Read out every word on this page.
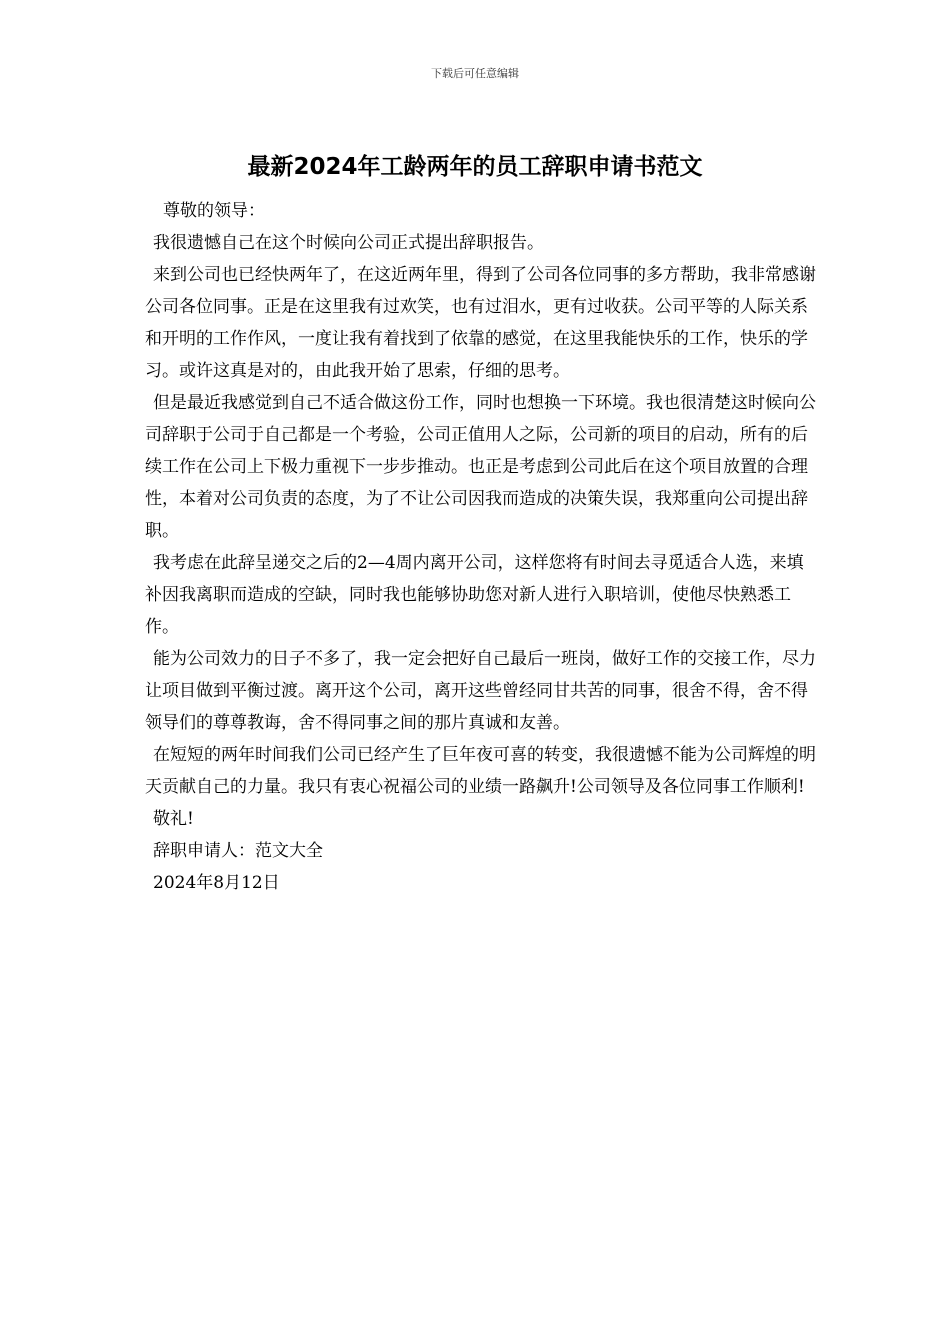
下载后可任意编辑
最新2024年工龄两年的员工辞职申请书范文

尊敬的领导：

我很遗憾自己在这个时候向公司正式提出辞职报告。

来到公司也已经快两年了，在这近两年里，得到了公司各位同事的多方帮助，我非常感谢公司各位同事。正是在这里我有过欢笑，也有过泪水，更有过收获。公司平等的人际关系和开明的工作作风，一度让我有着找到了依靠的感觉，在这里我能快乐的工作，快乐的学习。或许这真是对的，由此我开始了思索，仔细的思考。

但是最近我感觉到自己不适合做这份工作，同时也想换一下环境。我也很清楚这时候向公司辞职于公司于自己都是一个考验，公司正值用人之际，公司新的项目的启动，所有的后续工作在公司上下极力重视下一步步推动。也正是考虑到公司此后在这个项目放置的合理性，本着对公司负责的态度，为了不让公司因我而造成的决策失误，我郑重向公司提出辞职。

我考虑在此辞呈递交之后的2—4周内离开公司，这样您将有时间去寻觅适合人选，来填补因我离职而造成的空缺，同时我也能够协助您对新人进行入职培训，使他尽快熟悉工作。

能为公司效力的日子不多了，我一定会把好自己最后一班岗，做好工作的交接工作，尽力让项目做到平衡过渡。离开这个公司，离开这些曾经同甘共苦的同事，很舍不得，舍不得领导们的尊尊教诲，舍不得同事之间的那片真诚和友善。

在短短的两年时间我们公司已经产生了巨年夜可喜的转变，我很遗憾不能为公司辉煌的明天贡献自己的力量。我只有衷心祝福公司的业绩一路飙升!公司领导及各位同事工作顺利!

敬礼!

辞职申请人：范文大全

2024年8月12日
